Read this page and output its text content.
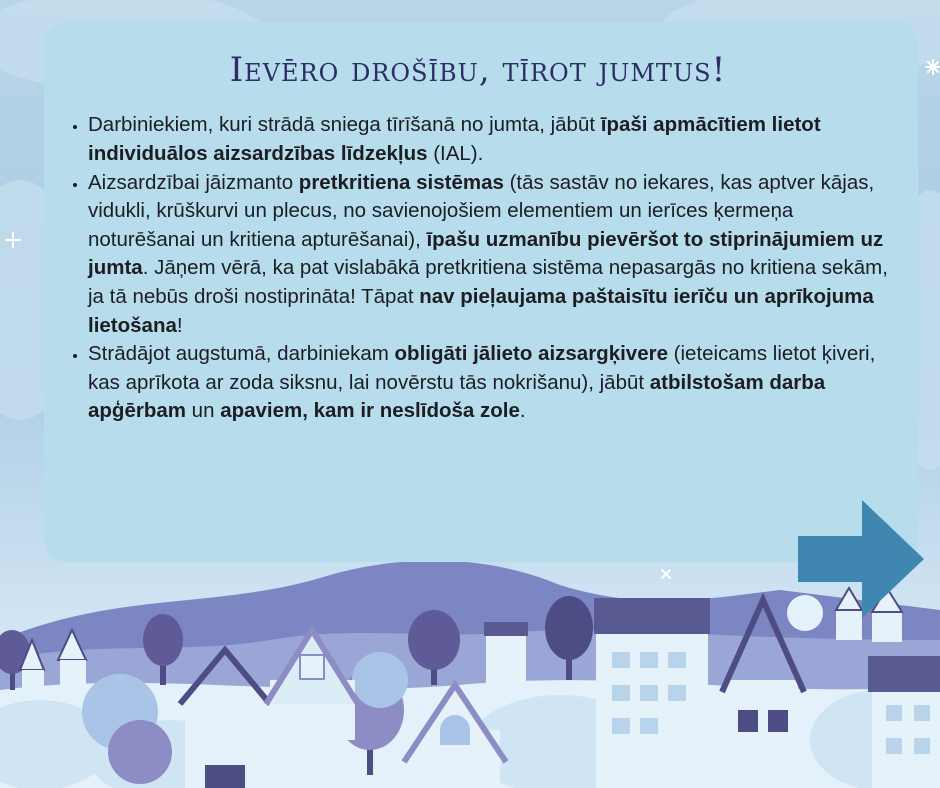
Ievēro drošību, tīrot jumtus!
• Darbiniekiem, kuri strādā sniega tīrīšanā no jumta, jābūt īpaši apmācītiem lietot individuālos aizsardzības līdzekļus (IAL).
• Aizsardzībai jāizmanto pretkritiena sistēmas (tās sastāv no iekares, kas aptver kājas, vidukli, krūškurvi un plecus, no savienojošiem elementiem un ierīces ķermeņa noturēšanai un kritiena apturēšanai), īpašu uzmanību pievēršot to stiprinājumiem uz jumta. Jāņem vērā, ka pat vislabākā pretkritiena sistēma nepasargās no kritiena sekām, ja tā nebūs droši nostiprināta! Tāpat nav pieļaujama paštaisītu ierīču un aprīkojuma lietošana!
• Strādājot augstumā, darbiniekam obligāti jālieto aizsargķivere (ieteicams lietot ķiveri, kas aprīkota ar zoda siksnu, lai novērstu tās nokrišanu), jābūt atbilstošam darba apģērbam un apaviem, kam ir neslīdoša zole.
